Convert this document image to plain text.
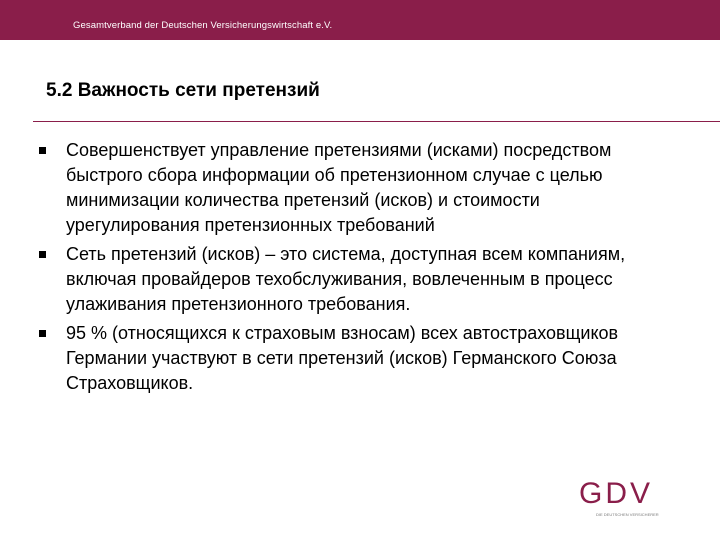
Gesamtverband der Deutschen Versicherungswirtschaft e.V.
5.2 Важность сети претензий
Совершенствует управление претензиями (исками) посредством быстрого сбора информации об претензионном случае с целью минимизации количества претензий (исков) и стоимости урегулирования претензионных требований
Сеть претензий (исков) – это система, доступная всем компаниям, включая провайдеров техобслуживания, вовлеченным в процесс улаживания претензионного требования.
95 % (относящихся к страховым взносам) всех автостраховщиков Германии участвуют в сети претензий (исков) Германского Союза Страховщиков.
GDV
DIE DEUTSCHEN VERSICHERER
